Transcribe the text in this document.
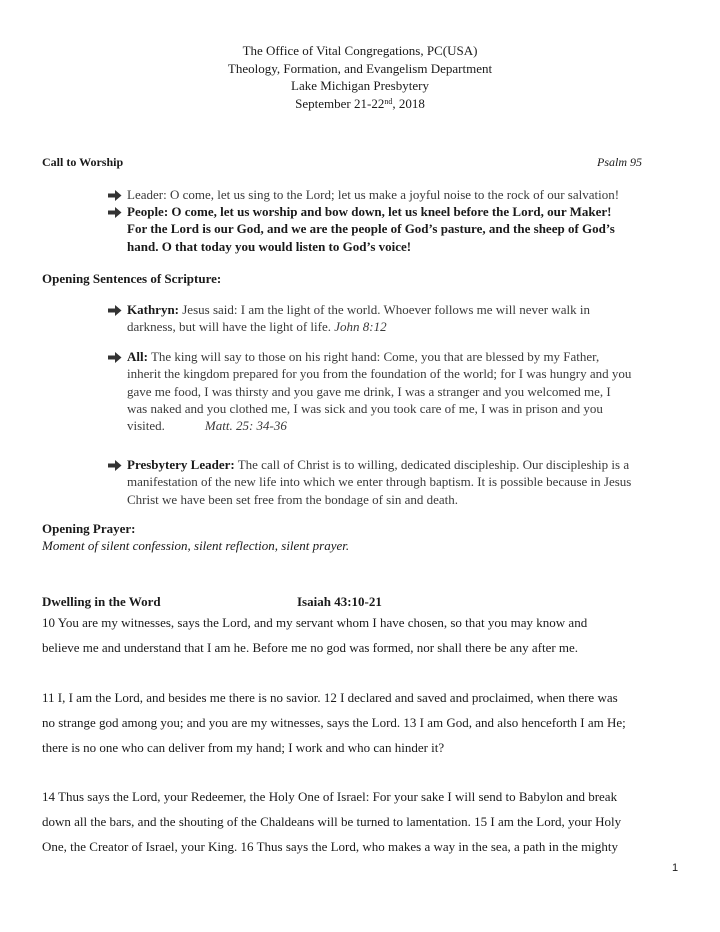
The Office of Vital Congregations, PC(USA)
Theology, Formation, and Evangelism Department
Lake Michigan Presbytery
September 21-22nd, 2018
Call to Worship	Psalm 95
Leader: O come, let us sing to the Lord; let us make a joyful noise to the rock of our salvation!
People: O come, let us worship and bow down, let us kneel before the Lord, our Maker!
For the Lord is our God, and we are the people of God’s pasture, and the sheep of God’s
hand. O that today you would listen to God’s voice!
Opening Sentences of Scripture:
Kathryn: Jesus said: I am the light of the world. Whoever follows me will never walk in
darkness, but will have the light of life. John 8:12
All: The king will say to those on his right hand: Come, you that are blessed by my Father,
inherit the kingdom prepared for you from the foundation of the world; for I was hungry and you
gave me food, I was thirsty and you gave me drink, I was a stranger and you welcomed me, I
was naked and you clothed me, I was sick and you took care of me, I was in prison and you
visited.	Matt. 25: 34-36
Presbytery Leader: The call of Christ is to willing, dedicated discipleship. Our discipleship is a
manifestation of the new life into which we enter through baptism. It is possible because in Jesus
Christ we have been set free from the bondage of sin and death.
Opening Prayer:
Moment of silent confession, silent reflection, silent prayer.
Dwelling in the Word	Isaiah 43:10-21
10 You are my witnesses, says the Lord, and my servant whom I have chosen, so that you may know and
believe me and understand that I am he. Before me no god was formed, nor shall there be any after me.
11 I, I am the Lord, and besides me there is no savior. 12 I declared and saved and proclaimed, when there was
no strange god among you; and you are my witnesses, says the Lord. 13 I am God, and also henceforth I am He;
there is no one who can deliver from my hand; I work and who can hinder it?
14 Thus says the Lord, your Redeemer, the Holy One of Israel: For your sake I will send to Babylon and break
down all the bars, and the shouting of the Chaldeans will be turned to lamentation. 15 I am the Lord, your Holy
One, the Creator of Israel, your King. 16 Thus says the Lord, who makes a way in the sea, a path in the mighty
1
